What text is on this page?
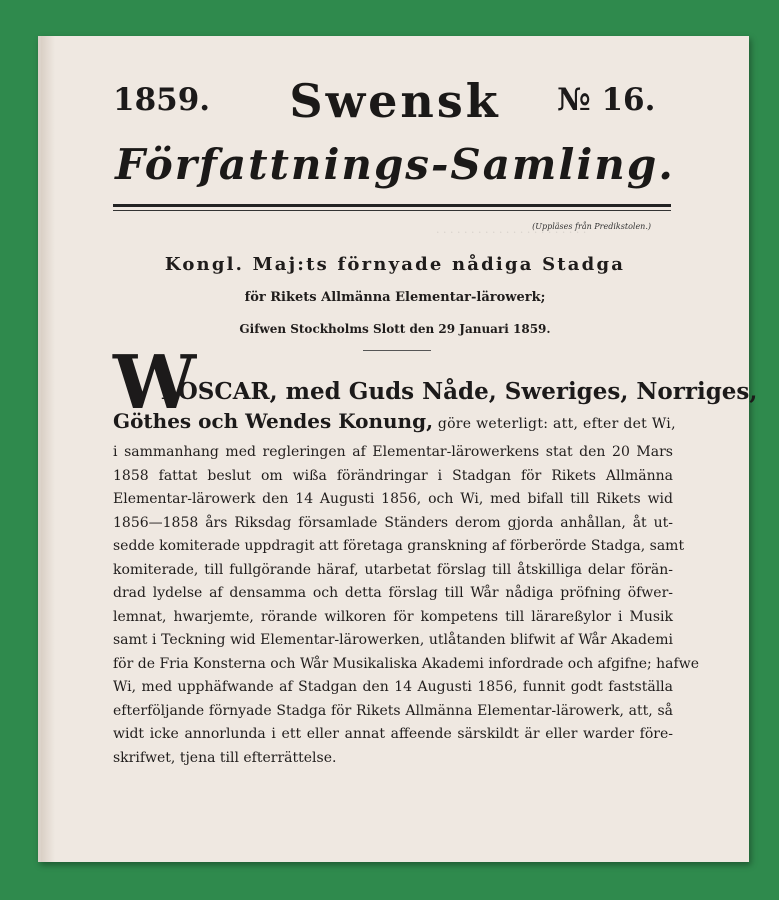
· · · · · · · · · · · · · · · · · · · · · ·
1859.	Swensk	№ 16.
Författnings-Samling.
(Uppläses från Predikstolen.)
Kongl. Maj:ts förnyade nådiga Stadga
för Rikets Allmänna Elementar-lärowerk;
Gifwen Stockholms Slott den 29 Januari 1859.
W
i OSCAR, med Guds Nåde, Sweriges, Norriges,
Göthes och Wendes Konung, göre weterligt: att, efter det Wi,
i sammanhang med regleringen af Elementar-lärowerkens stat den 20 Mars
1858 fattat beslut om wißa förändringar i Stadgan för Rikets Allmänna
Elementar-lärowerk den 14 Augusti 1856, och Wi, med bifall till Rikets wid
1856—1858 års Riksdag församlade Ständers derom gjorda anhållan, åt ut-
sedde komiterade uppdragit att företaga granskning af förberörde Stadga, samt
komiterade, till fullgörande häraf, utarbetat förslag till åtskilliga delar förän-
drad lydelse af densamma och detta förslag till Wår nådiga pröfning öfwer-
lemnat, hwarjemte, rörande wilkoren för kompetens till lärareßylor i Musik
samt i Teckning wid Elementar-lärowerken, utlåtanden blifwit af Wår Akademi
för de Fria Konsterna och Wår Musikaliska Akademi infordrade och afgifne; hafwe
Wi, med upphäfwande af Stadgan den 14 Augusti 1856, funnit godt fastställa
efterföljande förnyade Stadga för Rikets Allmänna Elementar-lärowerk, att, så
widt icke annorlunda i ett eller annat affeende särskildt är eller warder före-
skrifwet, tjena till efterrättelse.
